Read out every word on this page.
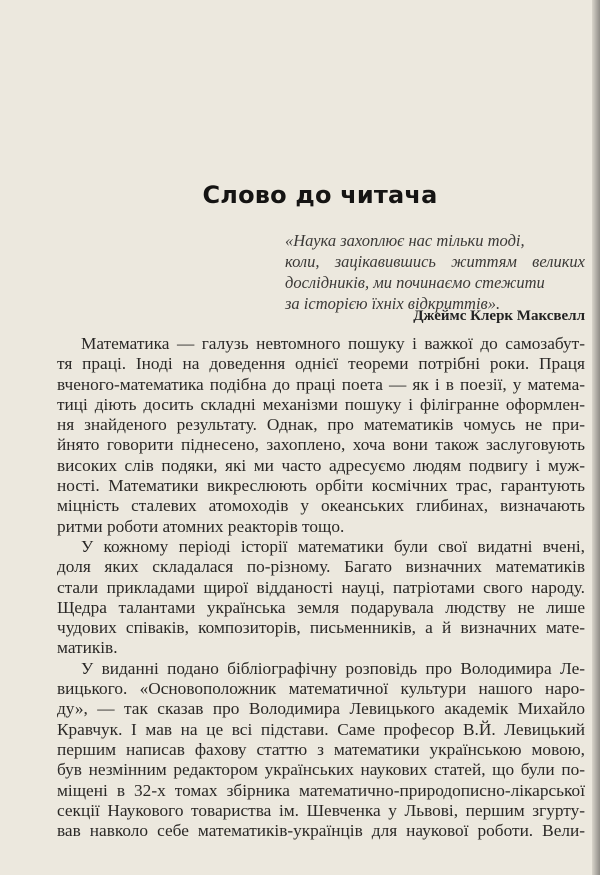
Слово до читача
«Наука захоплює нас тільки тоді,
коли, зацікавившись життям великих
дослідників, ми починаємо стежити
за історією їхніх відкриттів».
Джеймс Клерк Максвелл
Математика — галузь невтомного пошуку і важкої до самозабут-
тя праці. Іноді на доведення однієї теореми потрібні роки. Праця
вченого-математика подібна до праці поета — як і в поезії, у матема-
тиці діють досить складні механізми пошуку і філігранне оформлен-
ня знайденого результату. Однак, про математиків чомусь не при-
йнято говорити піднесено, захоплено, хоча вони також заслуговують
високих слів подяки, які ми часто адресуємо людям подвигу і муж-
ності. Математики викреслюють орбіти космічних трас, гарантують
міцність сталевих атомоходів у океанських глибинах, визначають
ритми роботи атомних реакторів тощо.
У кожному періоді історії математики були свої видатні вчені,
доля яких складалася по-різному. Багато визначних математиків
стали прикладами щирої відданості науці, патріотами свого народу.
Щедра талантами українська земля подарувала людству не лише
чудових співаків, композиторів, письменників, а й визначних мате-
матиків.
У виданні подано бібліографічну розповідь про Володимира Ле-
вицького. «Основоположник математичної культури нашого наро-
ду», — так сказав про Володимира Левицького академік Михайло
Кравчук. І мав на це всі підстави. Саме професор В.Й. Левицький
першим написав фахову статтю з математики українською мовою,
був незмінним редактором українських наукових статей, що були по-
міщені в 32-х томах збірника математично-природописно-лікарської
секції Наукового товариства ім. Шевченка у Львові, першим згурту-
вав навколо себе математиків-українців для наукової роботи. Вели-
